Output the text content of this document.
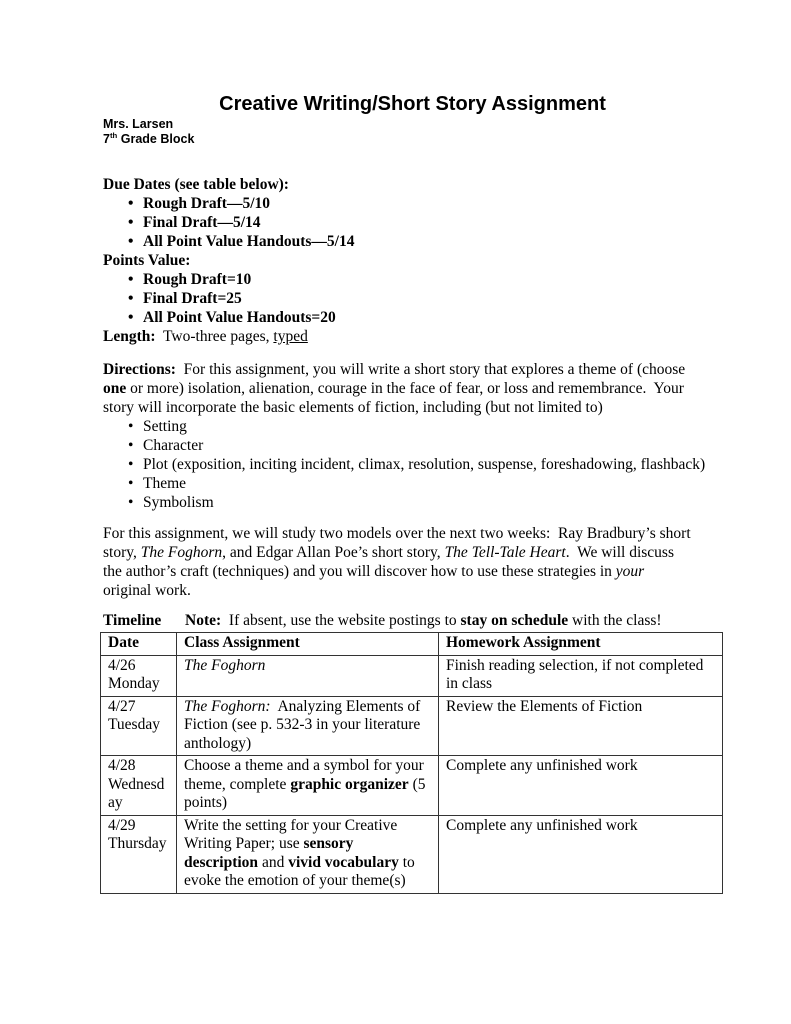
Creative Writing/Short Story Assignment
Mrs. Larsen
7th Grade Block
Due Dates (see table below):
• Rough Draft—5/10
• Final Draft—5/14
• All Point Value Handouts—5/14
Points Value:
• Rough Draft=10
• Final Draft=25
• All Point Value Handouts=20
Length:  Two-three pages, typed

Directions:  For this assignment, you will write a short story that explores a theme of (choose one or more) isolation, alienation, courage in the face of fear, or loss and remembrance.  Your story will incorporate the basic elements of fiction, including (but not limited to)

• Setting
• Character
• Plot (exposition, inciting incident, climax, resolution, suspense, foreshadowing, flashback)
• Theme
• Symbolism

For this assignment, we will study two models over the next two weeks:  Ray Bradbury’s short story, The Foghorn, and Edgar Allan Poe’s short story, The Tell-Tale Heart.  We will discuss the author’s craft (techniques) and you will discover how to use these strategies in your original work.

Timeline	Note:  If absent, use the website postings to stay on schedule with the class!
Date	Class Assignment	Homework Assignment

4/26
Monday	The Foghorn	Finish reading selection, if not completed in class

4/27
Tuesday	The Foghorn:  Analyzing Elements of Fiction (see p. 532-3 in your literature anthology)	Review the Elements of Fiction

4/28
Wednesday	Choose a theme and a symbol for your theme, complete graphic organizer (5 points)	Complete any unfinished work

4/29
Thursday	Write the setting for your Creative Writing Paper; use sensory description and vivid vocabulary to evoke the emotion of your theme(s)	Complete any unfinished work
